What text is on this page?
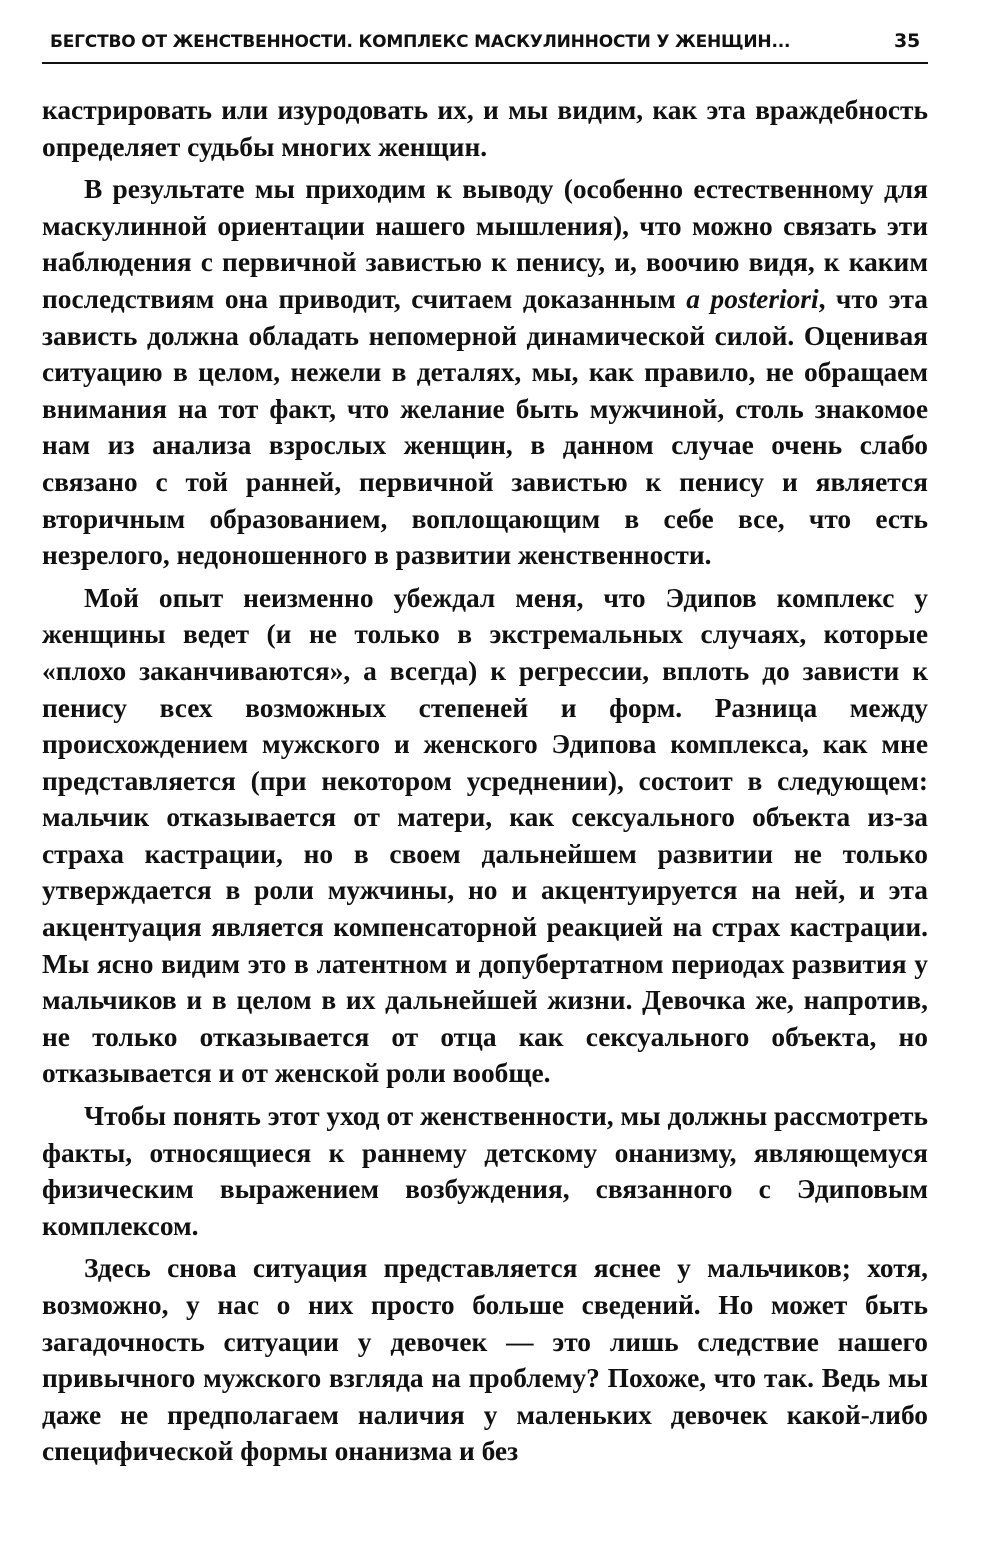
БЕГСТВО ОТ ЖЕНСТВЕННОСТИ. КОМПЛЕКС МАСКУЛИННОСТИ У ЖЕНЩИН...	35

кастрировать или изуродовать их, и мы видим, как эта враждебность определяет судьбы многих женщин.

В результате мы приходим к выводу (особенно естественному для маскулинной ориентации нашего мышления), что можно связать эти наблюдения с первичной завистью к пенису, и, воочию видя, к каким последствиям она приводит, считаем доказанным a posteriori, что эта зависть должна обладать непомерной динамической силой. Оценивая ситуацию в целом, нежели в деталях, мы, как правило, не обращаем внимания на тот факт, что желание быть мужчиной, столь знакомое нам из анализа взрослых женщин, в данном случае очень слабо связано с той ранней, первичной завистью к пенису и является вторичным образованием, воплощающим в себе все, что есть незрелого, недоношенного в развитии женственности.

Мой опыт неизменно убеждал меня, что Эдипов комплекс у женщины ведет (и не только в экстремальных случаях, которые «плохо заканчиваются», а всегда) к регрессии, вплоть до зависти к пенису всех возможных степеней и форм. Разница между происхождением мужского и женского Эдипова комплекса, как мне представляется (при некотором усреднении), состоит в следующем: мальчик отказывается от матери, как сексуального объекта из-за страха кастрации, но в своем дальнейшем развитии не только утверждается в роли мужчины, но и акцентуируется на ней, и эта акцентуация является компенсаторной реакцией на страх кастрации. Мы ясно видим это в латентном и допубертатном периодах развития у мальчиков и в целом в их дальнейшей жизни. Девочка же, напротив, не только отказывается от отца как сексуального объекта, но отказывается и от женской роли вообще.

Чтобы понять этот уход от женственности, мы должны рассмотреть факты, относящиеся к раннему детскому онанизму, являющемуся физическим выражением возбуждения, связанного с Эдиповым комплексом.

Здесь снова ситуация представляется яснее у мальчиков; хотя, возможно, у нас о них просто больше сведений. Но может быть загадочность ситуации у девочек — это лишь следствие нашего привычного мужского взгляда на проблему? Похоже, что так. Ведь мы даже не предполагаем наличия у маленьких девочек какой-либо специфической формы онанизма и без
